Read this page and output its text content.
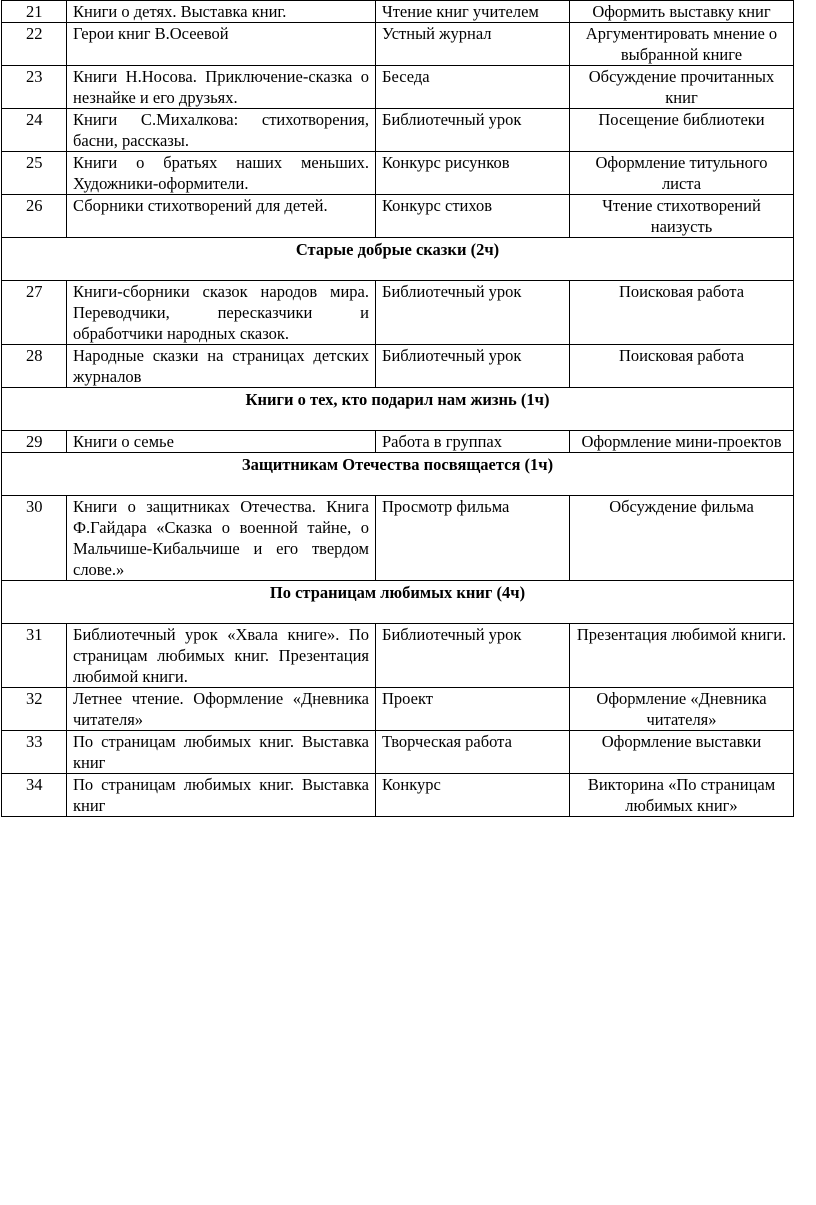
21	Книги о детях. Выставка книг.	Чтение книг учителем	Оформить выставку книг
22	Герои книг В.Осеевой	Устный журнал	Аргументировать мнение о выбранной книге
23	Книги Н.Носова. Приключение-сказка о незнайке и его друзьях.	Беседа	Обсуждение прочитанных книг
24	Книги С.Михалкова: стихотворения, басни, рассказы.	Библиотечный урок	Посещение библиотеки
25	Книги о братьях наших меньших. Художники-оформители.	Конкурс рисунков	Оформление титульного листа
26	Сборники стихотворений для детей.	Конкурс стихов	Чтение стихотворений наизусть
Старые добрые сказки (2ч)			
27	Книги-сборники сказок народов мира. Переводчики, пересказчики и обработчики народных сказок.	Библиотечный урок	Поисковая работа
28	Народные сказки на страницах детских журналов	Библиотечный урок	Поисковая работа
Книги о тех, кто подарил нам жизнь (1ч)			
29	Книги о семье	Работа в группах	Оформление мини-проектов
Защитникам Отечества посвящается (1ч)			
30	Книги о защитниках Отечества. Книга Ф.Гайдара «Сказка о военной тайне, о Мальчише-Кибальчише и его твердом слове.»	Просмотр фильма	Обсуждение фильма
По страницам любимых книг (4ч)			
31	Библиотечный урок «Хвала книге». По страницам любимых книг. Презентация любимой книги.	Библиотечный урок	Презентация любимой книги.
32	Летнее чтение. Оформление «Дневника читателя»	Проект	Оформление «Дневника читателя»
33	По страницам любимых книг. Выставка книг	Творческая работа	Оформление выставки
34	По страницам любимых книг. Выставка книг	Конкурс	Викторина «По страницам любимых книг»
